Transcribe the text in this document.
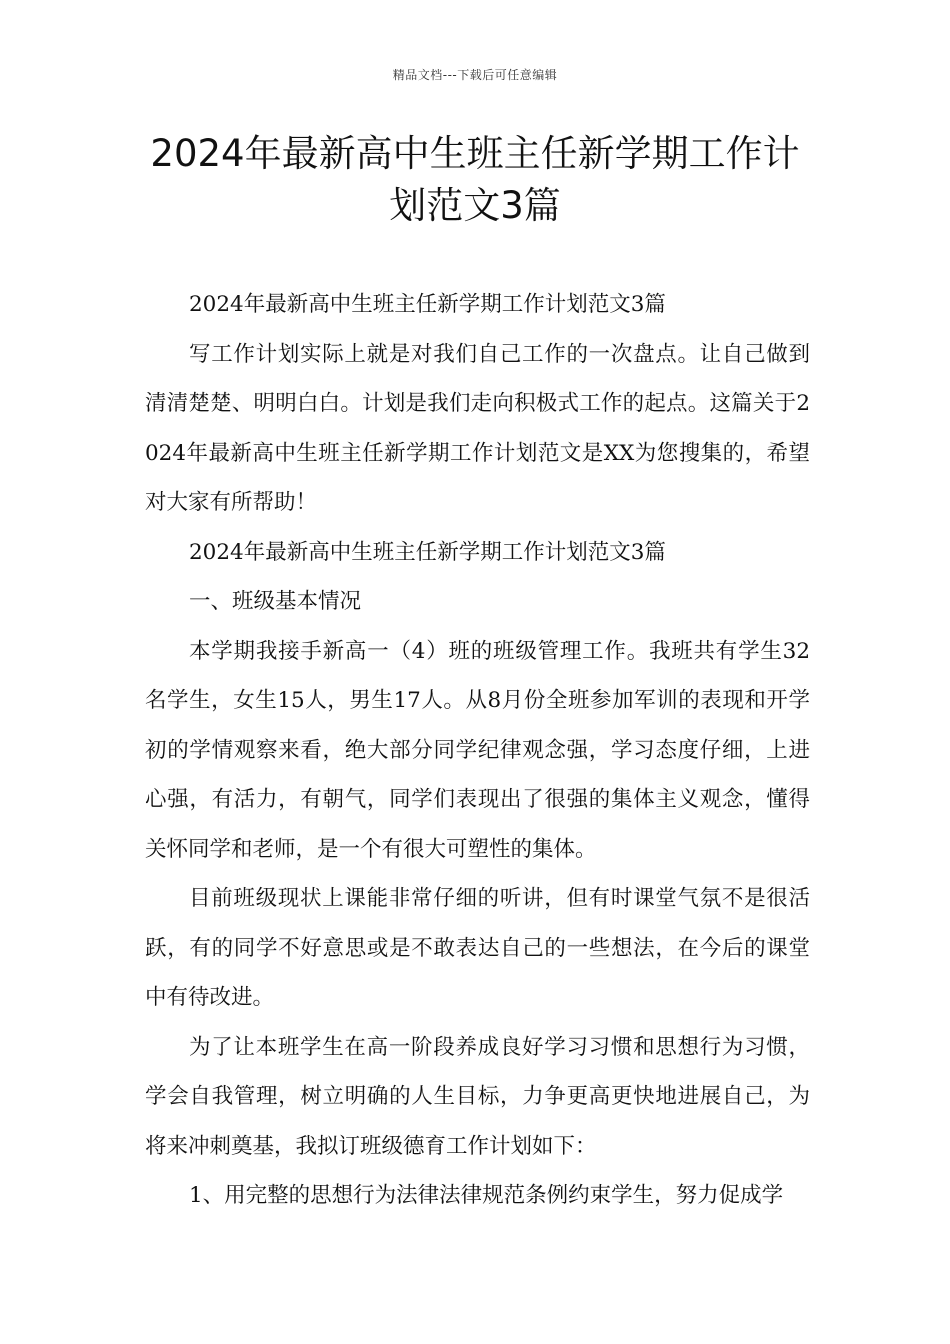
精品文档---下载后可任意编辑
2024年最新高中生班主任新学期工作计
划范文3篇

2024年最新高中生班主任新学期工作计划范文3篇

写工作计划实际上就是对我们自己工作的一次盘点。让自己做到清清楚楚、明明白白。计划是我们走向积极式工作的起点。这篇关于2024年最新高中生班主任新学期工作计划范文是XX为您搜集的，希望对大家有所帮助！

2024年最新高中生班主任新学期工作计划范文3篇

一、班级基本情况

本学期我接手新高一（4）班的班级管理工作。我班共有学生32名学生，女生15人，男生17人。从8月份全班参加军训的表现和开学初的学情观察来看，绝大部分同学纪律观念强，学习态度仔细，上进心强，有活力，有朝气，同学们表现出了很强的集体主义观念，懂得关怀同学和老师，是一个有很大可塑性的集体。

目前班级现状上课能非常仔细的听讲，但有时课堂气氛不是很活跃，有的同学不好意思或是不敢表达自己的一些想法，在今后的课堂中有待改进。

为了让本班学生在高一阶段养成良好学习习惯和思想行为习惯，学会自我管理，树立明确的人生目标，力争更高更快地进展自己，为将来冲刺奠基，我拟订班级德育工作计划如下：

1、用完整的思想行为法律法律规范条例约束学生，努力促成学
